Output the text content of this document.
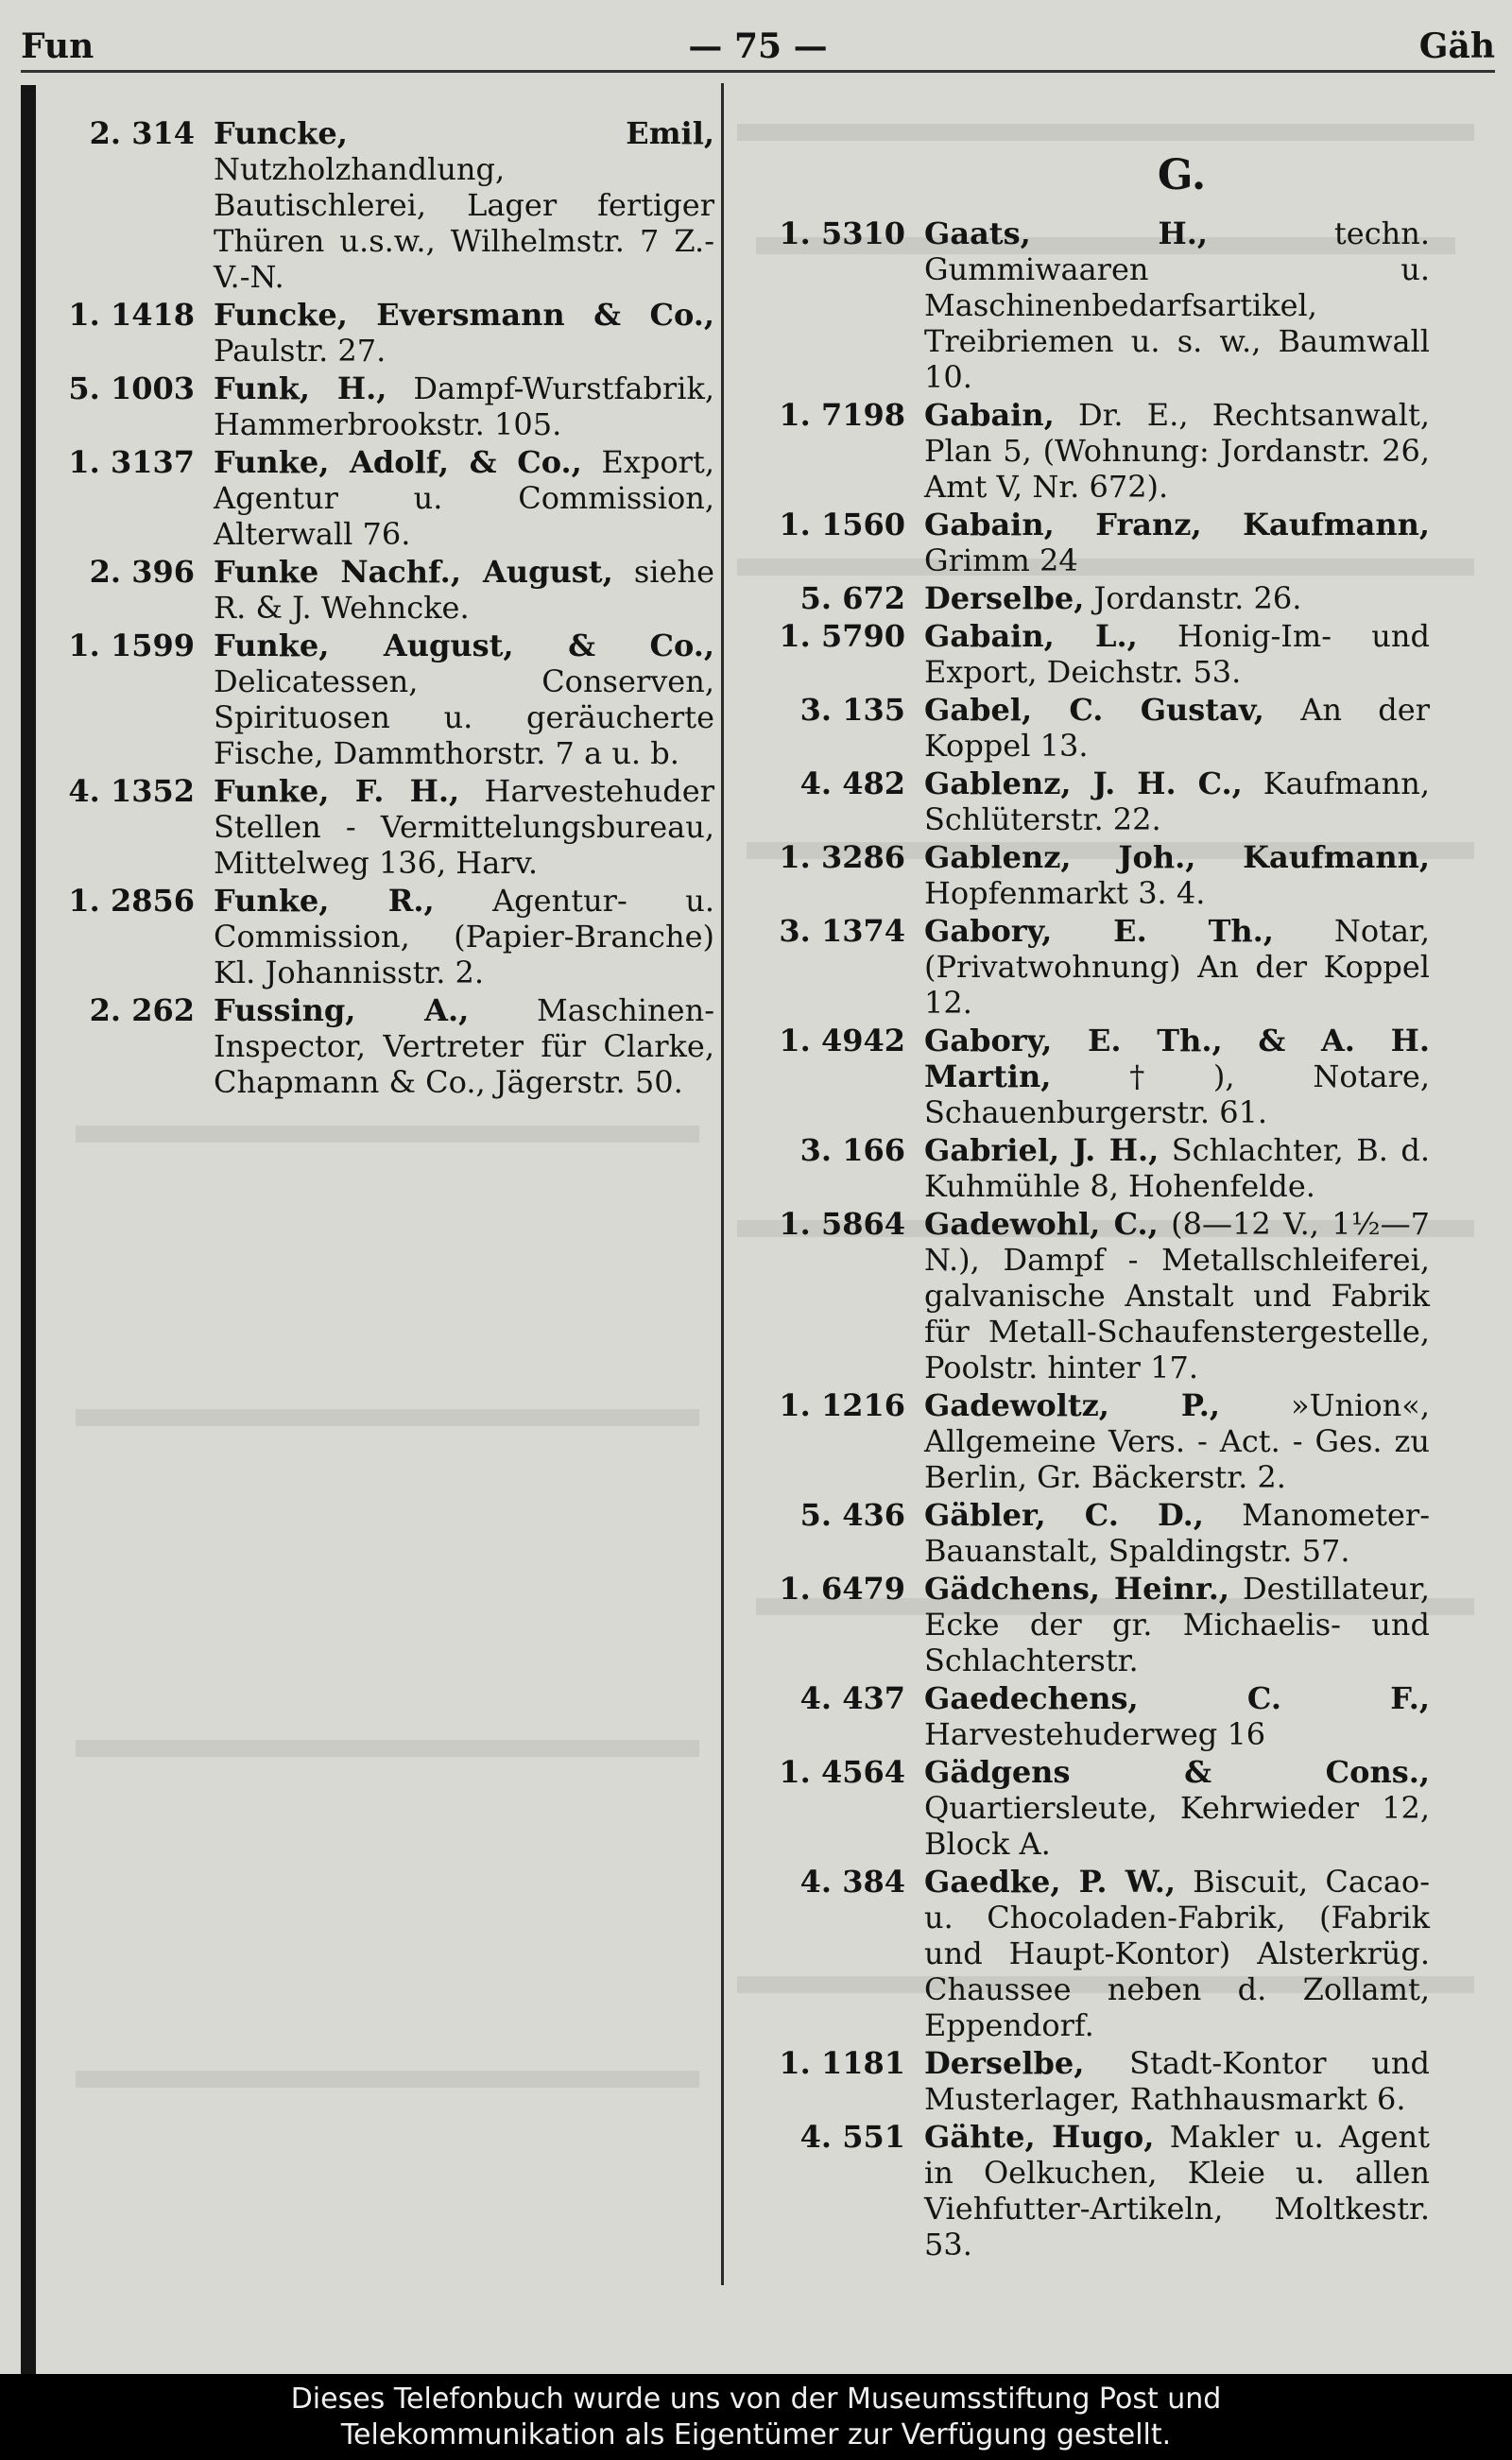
Fun	— 75 —	Gäh
2. 314 Funcke, Emil, Nutzholzhandlung, Bautischlerei, Lager fertiger Thüren u.s.w., Wilhelmstr. 7 Z.-V.-N.
1. 1418 Funcke, Eversmann & Co., Paulstr. 27.
5. 1003 Funk, H., Dampf-Wurstfabrik, Hammerbrookstr. 105.
1. 3137 Funke, Adolf, & Co., Export, Agentur u. Commission, Alterwall 76.
2. 396 Funke Nachf., August, siehe R. & J. Wehncke.
1. 1599 Funke, August, & Co., Delicatessen, Conserven, Spirituosen u. geräucherte Fische, Dammthorstr. 7 a u. b.
4. 1352 Funke, F. H., Harvestehuder Stellen - Vermittelungsbureau, Mittelweg 136, Harv.
1. 2856 Funke, R., Agentur- u. Commission, (Papier-Branche) Kl. Johannisstr. 2.
2. 262 Fussing, A., Maschinen-Inspector, Vertreter für Clarke, Chapmann & Co., Jägerstr. 50.
G.
1. 5310 Gaats, H., techn. Gummiwaaren u. Maschinenbedarfsartikel, Treibriemen u. s. w., Baumwall 10.
1. 7198 Gabain, Dr. E., Rechtsanwalt, Plan 5, (Wohnung: Jordanstr. 26, Amt V, Nr. 672).
1. 1560 Gabain, Franz, Kaufmann, Grimm 24
5. 672 Derselbe, Jordanstr. 26.
1. 5790 Gabain, L., Honig-Im- und Export, Deichstr. 53.
3. 135 Gabel, C. Gustav, An der Koppel 13.
4. 482 Gablenz, J. H. C., Kaufmann, Schlüterstr. 22.
1. 3286 Gablenz, Joh., Kaufmann, Hopfenmarkt 3. 4.
3. 1374 Gabory, E. Th., Notar, (Privatwohnung) An der Koppel 12.
1. 4942 Gabory, E. Th., & A. H. Martin, †), Notare, Schauenburgerstr. 61.
3. 166 Gabriel, J. H., Schlachter, B. d. Kuhmühle 8, Hohenfelde.
1. 5864 Gadewohl, C., (8—12 V., 1½—7 N.), Dampf - Metallschleiferei, galvanische Anstalt und Fabrik für Metall-Schaufenstergestelle, Poolstr. hinter 17.
1. 1216 Gadewoltz, P., »Union«, Allgemeine Vers. - Act. - Ges. zu Berlin, Gr. Bäckerstr. 2.
5. 436 Gäbler, C. D., Manometer-Bauanstalt, Spaldingstr. 57.
1. 6479 Gädchens, Heinr., Destillateur, Ecke der gr. Michaelis- und Schlachterstr.
4. 437 Gaedechens, C. F., Harvestehuderweg 16
1. 4564 Gädgens & Cons., Quartiersleute, Kehrwieder 12, Block A.
4. 384 Gaedke, P. W., Biscuit, Cacao- u. Chocoladen-Fabrik, (Fabrik und Haupt-Kontor) Alsterkrüg. Chaussee neben d. Zollamt, Eppendorf.
1. 1181 Derselbe, Stadt-Kontor und Musterlager, Rathhausmarkt 6.
4. 551 Gähte, Hugo, Makler u. Agent in Oelkuchen, Kleie u. allen Viehfutter-Artikeln, Moltkestr. 53.
Dieses Telefonbuch wurde uns von der Museumsstiftung Post und
Telekommunikation als Eigentümer zur Verfügung gestellt.
